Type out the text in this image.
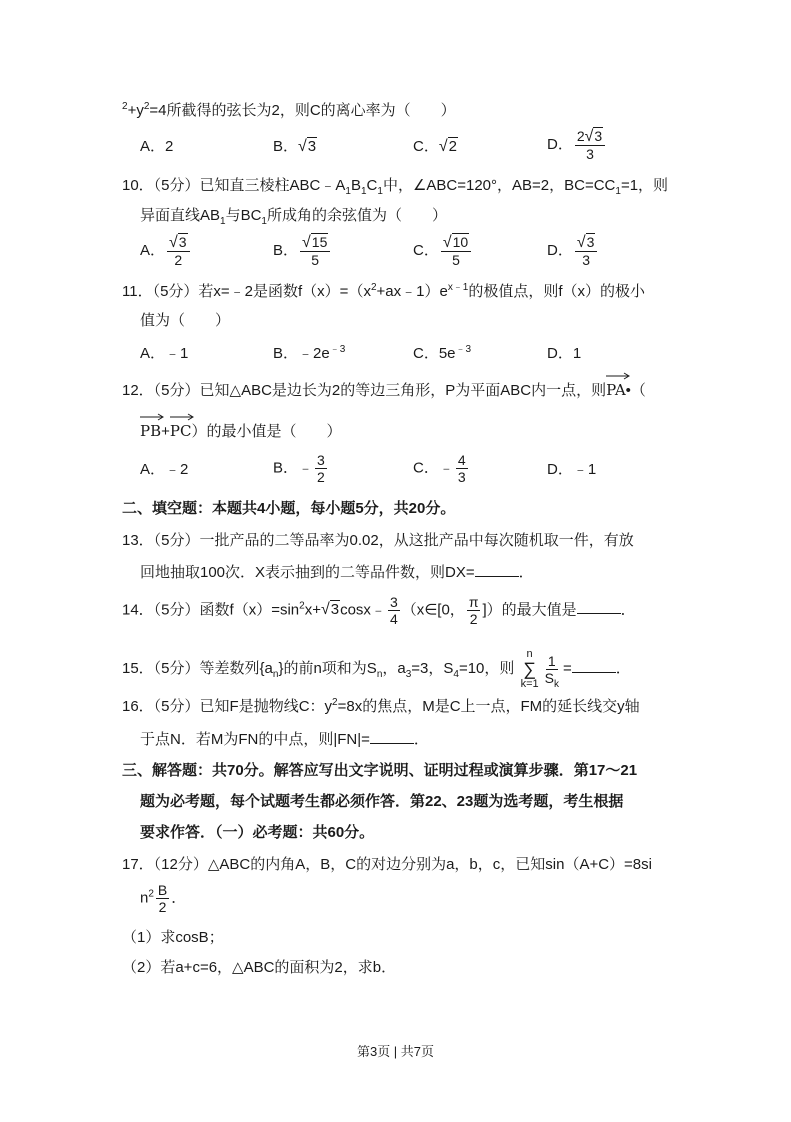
$^2+y^2=4$所截得的弦长为2，则C的离心率为（　　）
A．2	B．√3	C．√2	D． $\frac{2√3}{3}$
10．（5分）已知直三棱柱$ABC﹣A_1B_1C_1$中，∠ABC=120°，AB=2，$BC=CC_1=1$，则
异面直线$AB_1$与$BC_1$所成角的余弦值为（　　）
A． $\frac{√3}{2}$	B． $\frac{√15}{5}$	C． $\frac{√10}{5}$	D． $\frac{√3}{3}$
11．（5分）若x=﹣2是函数$f(x)=(x^2+ax﹣1)e^{x﹣1}$的极值点，则f（x）的极小
值为（　　）
A．﹣1	B．$﹣2e^{﹣3}$	C．$5e^{﹣3}$	D．1
12．（5分）已知△ABC是边长为2的等边三角形，P为平面ABC内一点，则
PA•（
PB+
PC）的最小值是（　　）
A．﹣2	B．﹣ $\frac{3}{2}$	C．﹣ $\frac{4}{3}$	D．﹣1
二、填空题：本题共4小题，每小题5分，共20分。
13．（5分）一批产品的二等品率为0.02，从这批产品中每次随机取一件，有放
回地抽取100次．X表示抽到的二等品件数，则DX=	．
14．（5分）函数$f(x)=\sin^2x+√3\cos x﹣ \frac{3}{4}$ （x∈[0， $\frac{\pi}{2}$ ]）的最大值是	．
15．（5分）等差数列$\{a_n\}$的前n项和为$S_n$，$a_3=3$，$S_4=10$，则
n
∑
$k=1 \frac{1}{S_k}$ =	．
16．（5分）已知F是抛物线C：$y^2=8x$的焦点，M是C上一点，FM的延长线交y轴
于点N．若M为FN的中点，则|FN|=	．
三、解答题：共70分。解答应写出文字说明、证明过程或演算步骤．第17～21
题为必考题，每个试题考生都必须作答．第22、23题为选考题，考生根据
要求作答．（一）必考题：共60分。
17．（12分）△ABC的内角A，B，C的对边分别为a，b，c，已知sin（A+C）=8si
$n^2 \frac{B}{2}$ ．
（1）求cosB；
（2）若a+c=6，△ABC的面积为2，求b．
第3页 | 共7页
